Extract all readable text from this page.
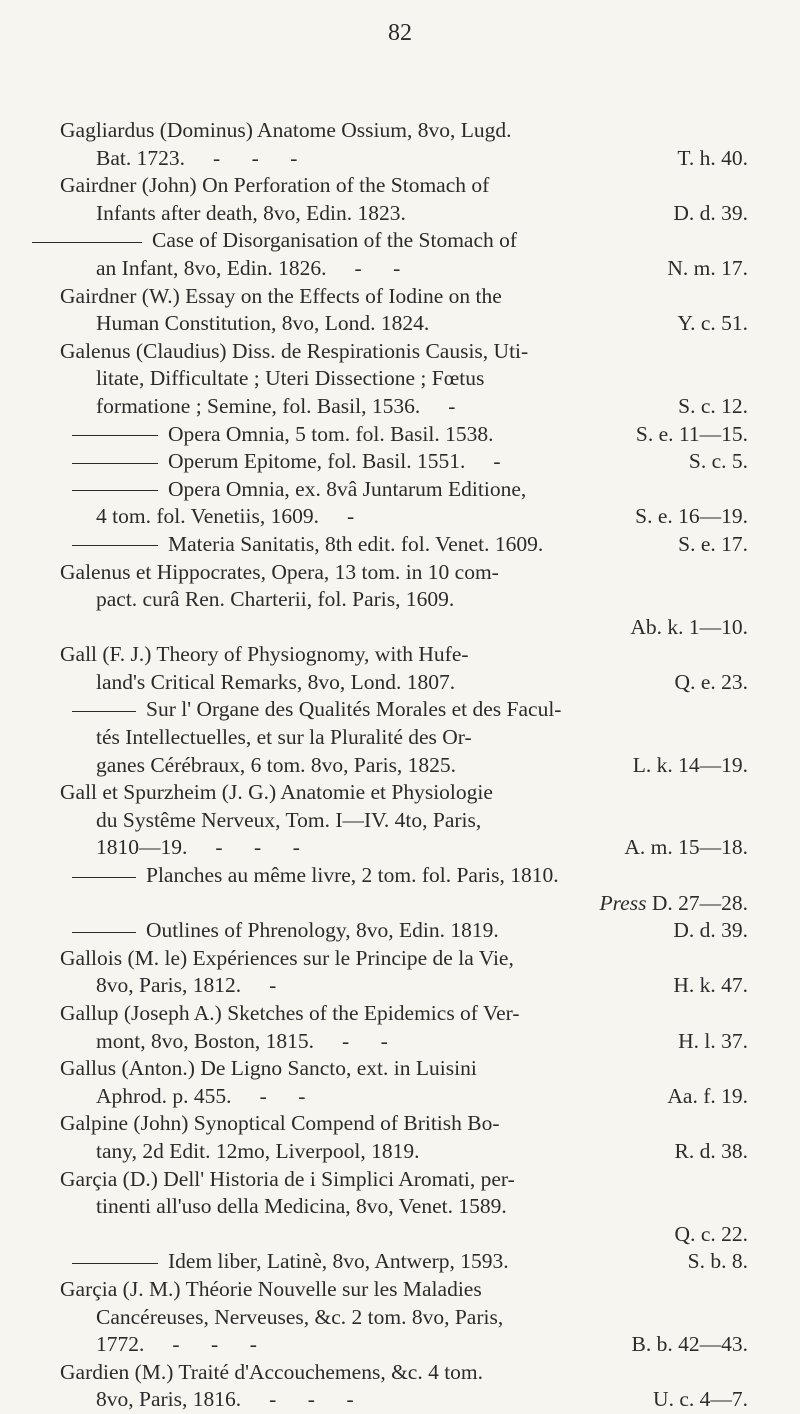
82
Gagliardus (Dominus) Anatome Ossium, 8vo, Lugd.
T. h. 40.
Bat. 1723. -    -    -
Gairdner (John) On Perforation of the Stomach of
D. d. 39.
Infants after death, 8vo, Edin. 1823.
Case of Disorganisation of the Stomach of
N. m. 17.
an Infant, 8vo, Edin. 1826. -    -
Gairdner (W.) Essay on the Effects of Iodine on the
Y. c. 51.
Human Constitution, 8vo, Lond. 1824.
Galenus (Claudius) Diss. de Respirationis Causis, Uti-
litate, Difficultate ; Uteri Dissectione ; Fœtus
S. c. 12.
formatione ; Semine, fol. Basil, 1536. -
S. e. 11—15.
Opera Omnia, 5 tom. fol. Basil. 1538.
S. c. 5.
Operum Epitome, fol. Basil. 1551. -
Opera Omnia, ex. 8vâ Juntarum Editione,
S. e. 16—19.
4 tom. fol. Venetiis, 1609. -
S. e. 17.
Materia Sanitatis, 8th edit. fol. Venet. 1609.
Galenus et Hippocrates, Opera, 13 tom. in 10 com-
pact. curâ Ren. Charterii, fol. Paris, 1609.
Ab. k. 1—10.
Gall (F. J.) Theory of Physiognomy, with Hufe-
Q. e. 23.
land's Critical Remarks, 8vo, Lond. 1807.
Sur l' Organe des Qualités Morales et des Facul-
tés Intellectuelles, et sur la Pluralité des Or-
L. k. 14—19.
ganes Cérébraux, 6 tom. 8vo, Paris, 1825.
Gall et Spurzheim (J. G.) Anatomie et Physiologie
du Systême Nerveux, Tom. I—IV. 4to, Paris,
A. m. 15—18.
1810—19. -    -    -
Planches au même livre, 2 tom. fol. Paris, 1810.
Press D. 27—28.
D. d. 39.
Outlines of Phrenology, 8vo, Edin. 1819.
Gallois (M. le) Expériences sur le Principe de la Vie,
H. k. 47.
8vo, Paris, 1812. -
Gallup (Joseph A.) Sketches of the Epidemics of Ver-
H. l. 37.
mont, 8vo, Boston, 1815. -    -
Gallus (Anton.) De Ligno Sancto, ext. in Luisini
Aa. f. 19.
Aphrod. p. 455. -    -
Galpine (John) Synoptical Compend of British Bo-
R. d. 38.
tany, 2d Edit. 12mo, Liverpool, 1819.
Garçia (D.) Dell' Historia de i Simplici Aromati, per-
tinenti all'uso della Medicina, 8vo, Venet. 1589.
Q. c. 22.
S. b. 8.
Idem liber, Latinè, 8vo, Antwerp, 1593.
Garçia (J. M.) Théorie Nouvelle sur les Maladies
Cancéreuses, Nerveuses, &c. 2 tom. 8vo, Paris,
B. b. 42—43.
1772. -    -    -
Gardien (M.) Traité d'Accouchemens, &c. 4 tom.
U. c. 4—7.
8vo, Paris, 1816. -    -    -
